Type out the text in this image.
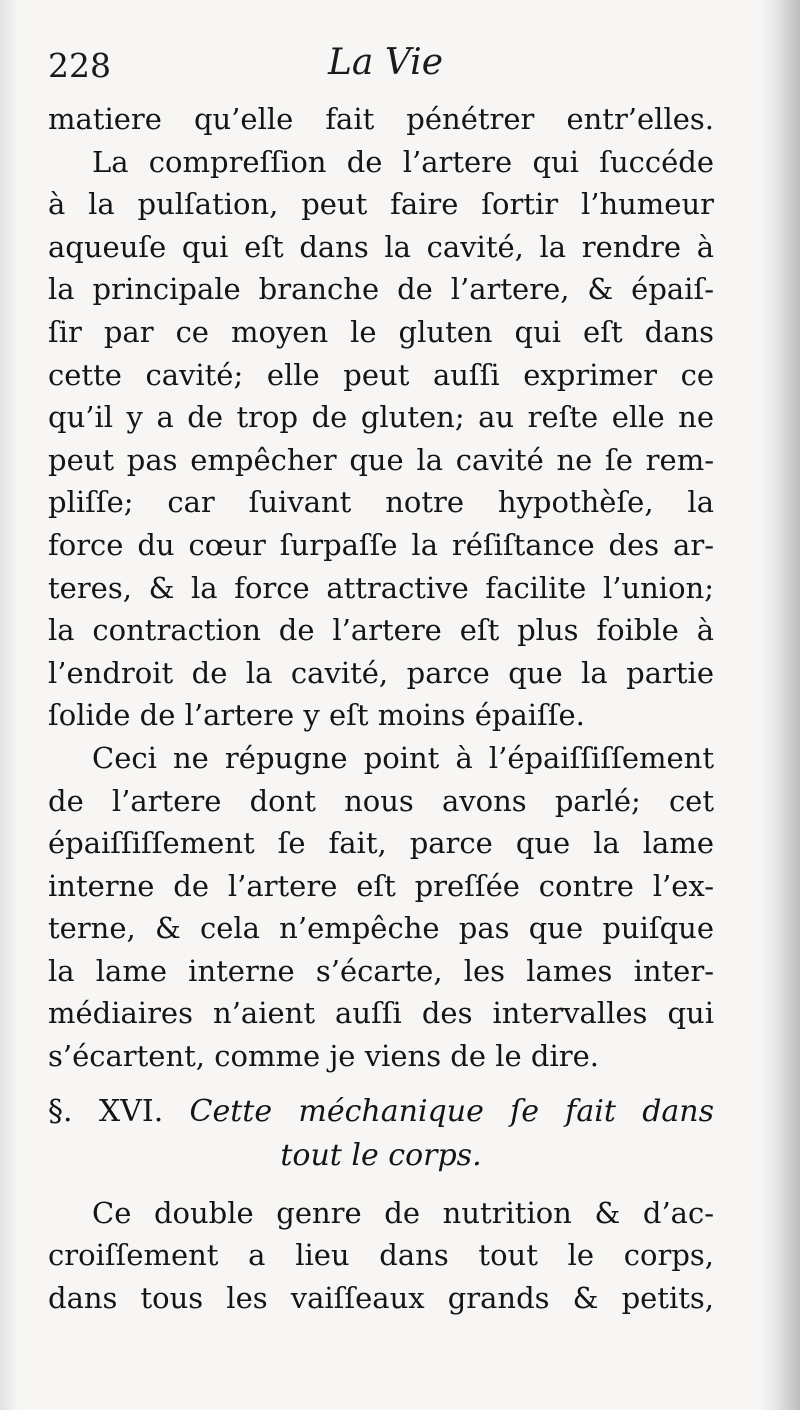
228	La Vie
matiere qu’elle fait pénétrer entr’elles.
La compreſſion de l’artere qui ſuccéde
à la pulſation, peut faire ſortir l’humeur
aqueuſe qui eſt dans la cavité, la rendre à
la principale branche de l’artere, & épaiſ-
ſir par ce moyen le gluten qui eſt dans
cette cavité; elle peut auſſi exprimer ce
qu’il y a de trop de gluten; au reſte elle ne
peut pas empêcher que la cavité ne ſe rem-
pliſſe; car ſuivant notre hypothèſe, la
force du cœur ſurpaſſe la réſiſtance des ar-
teres, & la force attractive facilite l’union;
la contraction de l’artere eſt plus foible à
l’endroit de la cavité, parce que la partie
ſolide de l’artere y eſt moins épaiſſe.
Ceci ne répugne point à l’épaiſſiſſement
de l’artere dont nous avons parlé; cet
épaiſſiſſement ſe fait, parce que la lame
interne de l’artere eſt preſſée contre l’ex-
terne, & cela n’empêche pas que puiſque
la lame interne s’écarte, les lames inter-
médiaires n’aient auſſi des intervalles qui
s’écartent, comme je viens de le dire.
§. XVI. Cette méchanique ſe fait dans
tout le corps.
Ce double genre de nutrition & d’ac-
croiſſement a lieu dans tout le corps,
dans tous les vaiſſeaux grands & petits,
